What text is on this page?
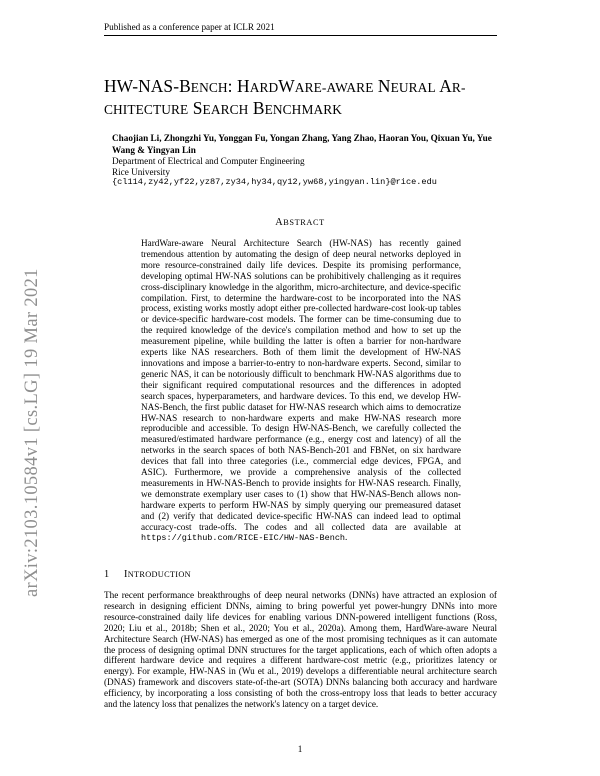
Published as a conference paper at ICLR 2021
arXiv:2103.10584v1 [cs.LG] 19 Mar 2021
HW-NAS-BENCH: HARDWARE-AWARE NEURAL AR-
CHITECTURE SEARCH BENCHMARK
Chaojian Li, Zhongzhi Yu, Yonggan Fu, Yongan Zhang, Yang Zhao, Haoran You, Qixuan Yu, Yue Wang & Yingyan Lin
Department of Electrical and Computer Engineering
Rice University
{cl114,zy42,yf22,yz87,zy34,hy34,qy12,yw68,yingyan.lin}@rice.edu
ABSTRACT
HardWare-aware Neural Architecture Search (HW-NAS) has recently gained tremendous attention by automating the design of deep neural networks deployed in more resource-constrained daily life devices. Despite its promising performance, developing optimal HW-NAS solutions can be prohibitively challenging as it requires cross-disciplinary knowledge in the algorithm, micro-architecture, and device-specific compilation. First, to determine the hardware-cost to be incorporated into the NAS process, existing works mostly adopt either pre-collected hardware-cost look-up tables or device-specific hardware-cost models. The former can be time-consuming due to the required knowledge of the device's compilation method and how to set up the measurement pipeline, while building the latter is often a barrier for non-hardware experts like NAS researchers. Both of them limit the development of HW-NAS innovations and impose a barrier-to-entry to non-hardware experts. Second, similar to generic NAS, it can be notoriously difficult to benchmark HW-NAS algorithms due to their significant required computational resources and the differences in adopted search spaces, hyperparameters, and hardware devices. To this end, we develop HW-NAS-Bench, the first public dataset for HW-NAS research which aims to democratize HW-NAS research to non-hardware experts and make HW-NAS research more reproducible and accessible. To design HW-NAS-Bench, we carefully collected the measured/estimated hardware performance (e.g., energy cost and latency) of all the networks in the search spaces of both NAS-Bench-201 and FBNet, on six hardware devices that fall into three categories (i.e., commercial edge devices, FPGA, and ASIC). Furthermore, we provide a comprehensive analysis of the collected measurements in HW-NAS-Bench to provide insights for HW-NAS research. Finally, we demonstrate exemplary user cases to (1) show that HW-NAS-Bench allows non-hardware experts to perform HW-NAS by simply querying our premeasured dataset and (2) verify that dedicated device-specific HW-NAS can indeed lead to optimal accuracy-cost trade-offs. The codes and all collected data are available at https://github.com/RICE-EIC/HW-NAS-Bench.
1 INTRODUCTION
The recent performance breakthroughs of deep neural networks (DNNs) have attracted an explosion of research in designing efficient DNNs, aiming to bring powerful yet power-hungry DNNs into more resource-constrained daily life devices for enabling various DNN-powered intelligent functions (Ross, 2020; Liu et al., 2018b; Shen et al., 2020; You et al., 2020a). Among them, HardWare-aware Neural Architecture Search (HW-NAS) has emerged as one of the most promising techniques as it can automate the process of designing optimal DNN structures for the target applications, each of which often adopts a different hardware device and requires a different hardware-cost metric (e.g., prioritizes latency or energy). For example, HW-NAS in (Wu et al., 2019) develops a differentiable neural architecture search (DNAS) framework and discovers state-of-the-art (SOTA) DNNs balancing both accuracy and hardware efficiency, by incorporating a loss consisting of both the cross-entropy loss that leads to better accuracy and the latency loss that penalizes the network's latency on a target device.
1
